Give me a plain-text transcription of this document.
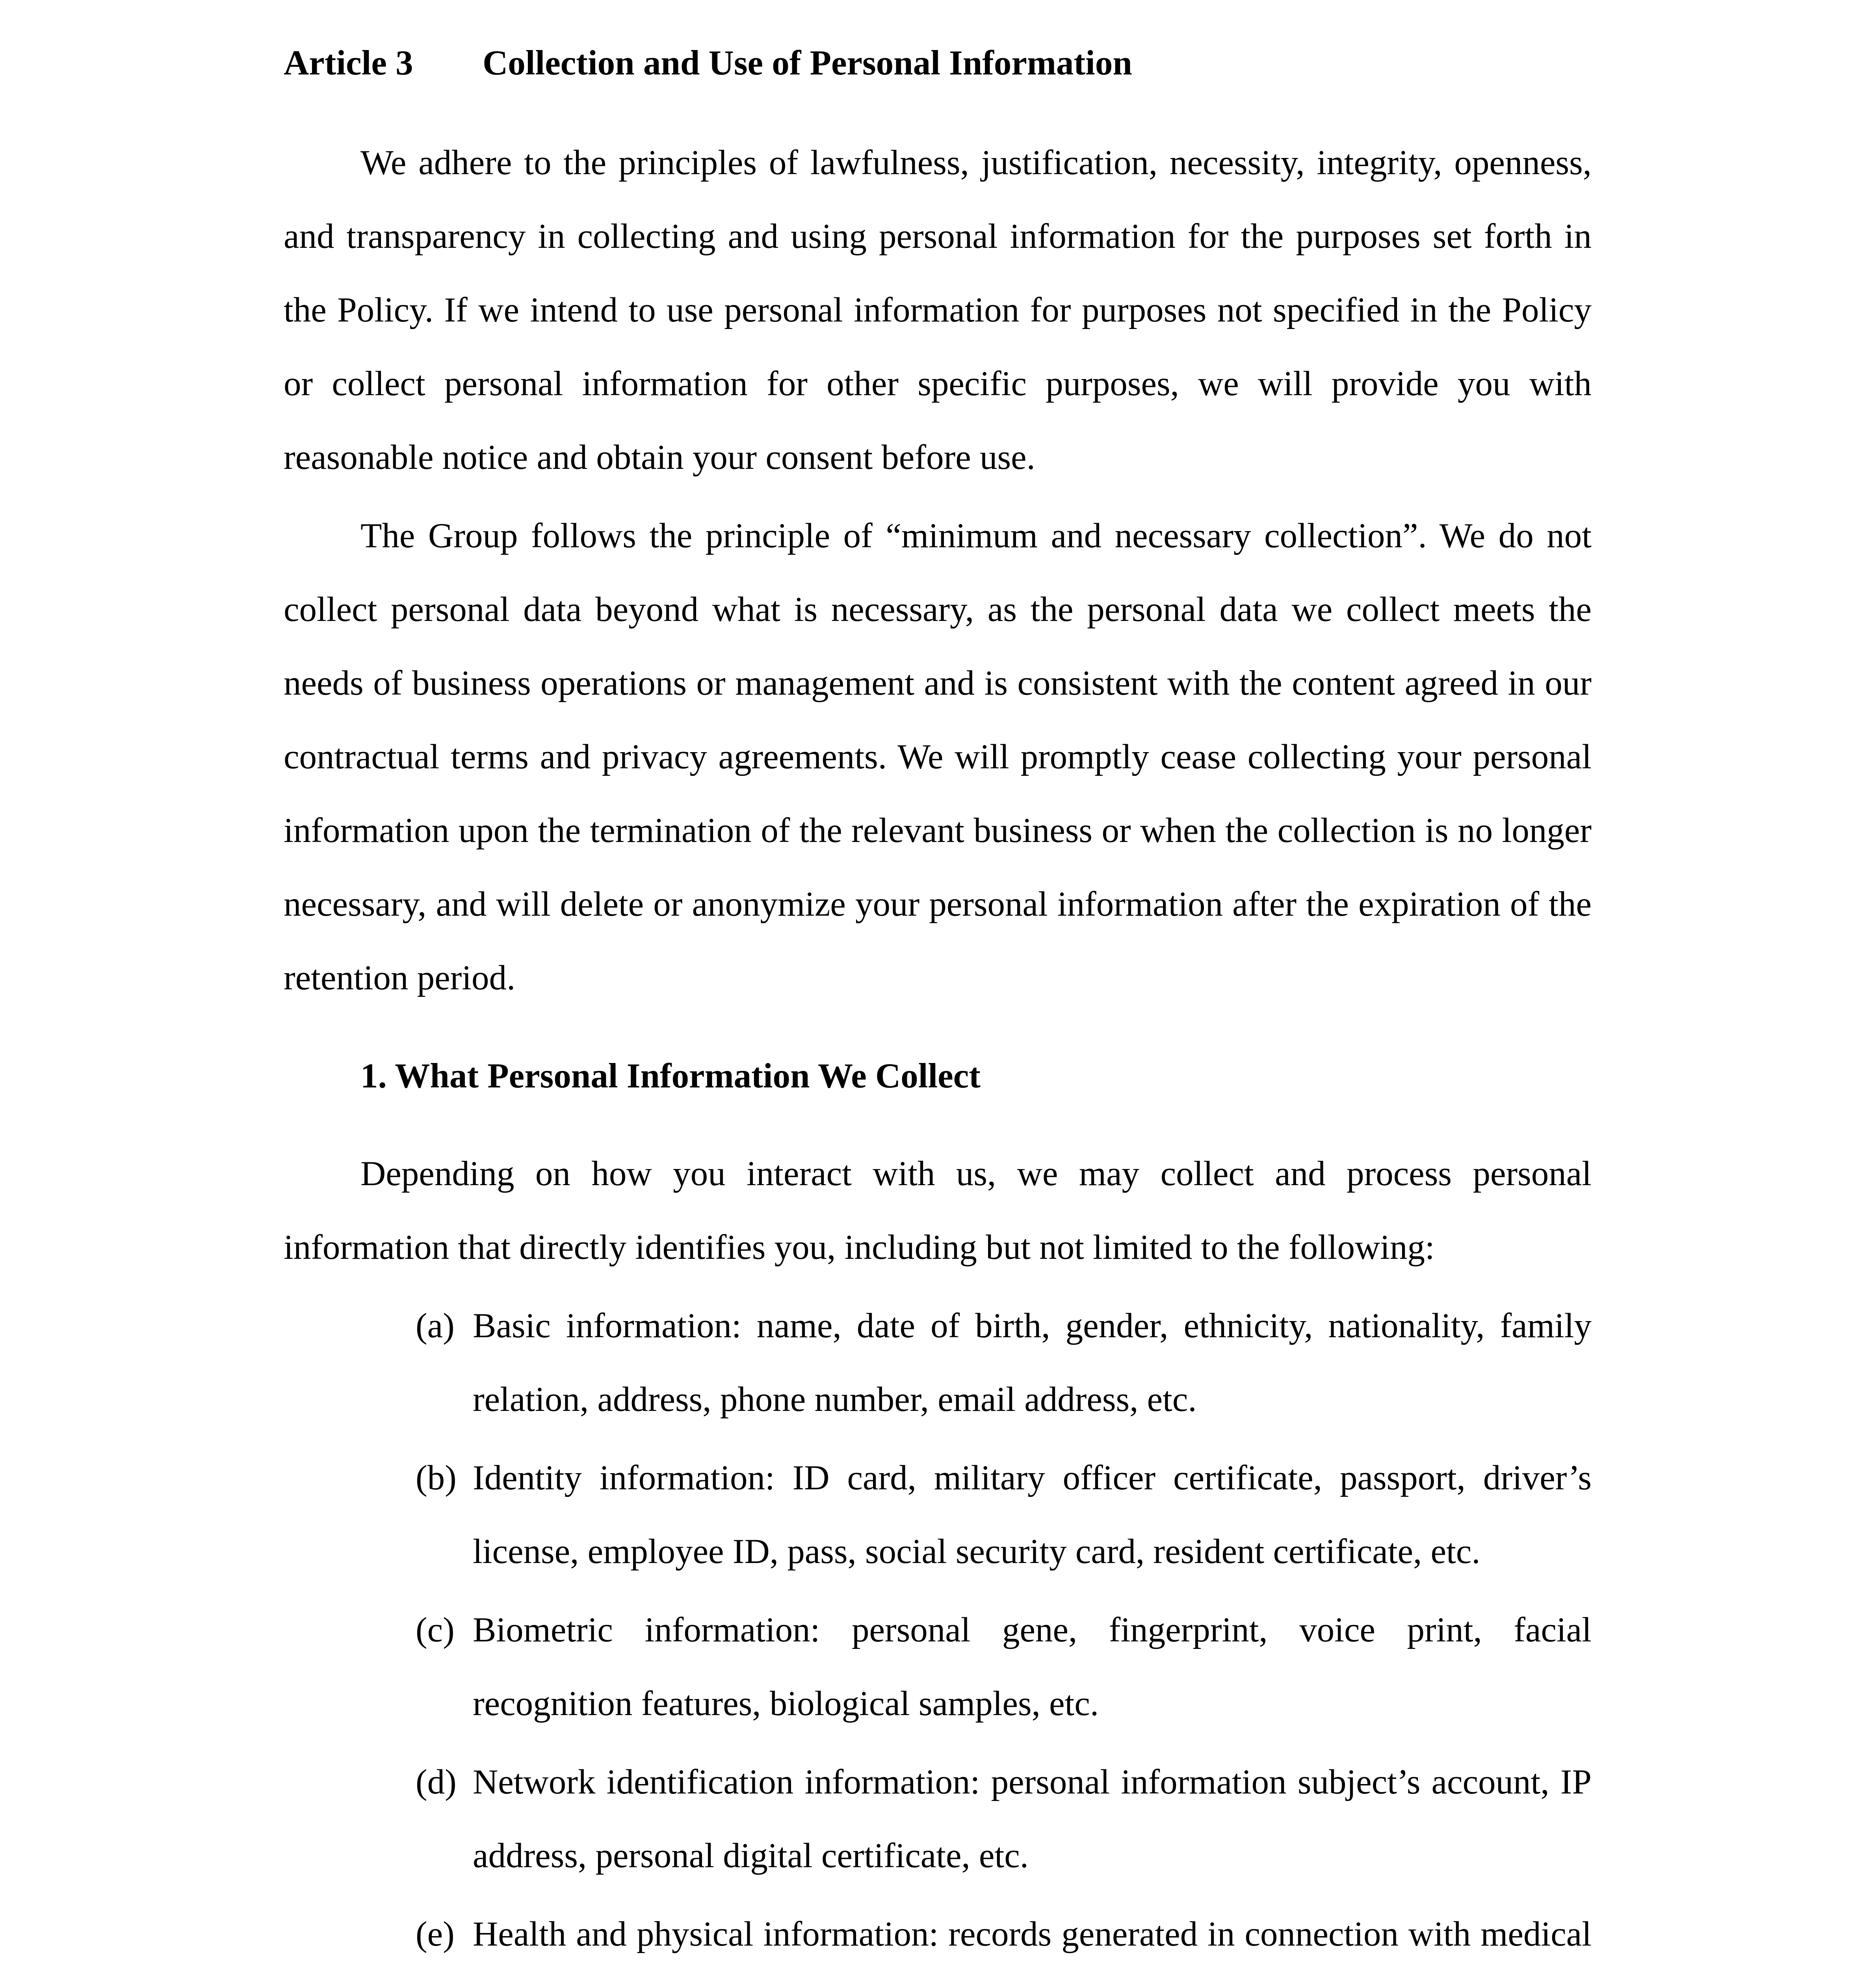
Article 3 Collection and Use of Personal Information

We adhere to the principles of lawfulness, justification, necessity, integrity, openness, and transparency in collecting and using personal information for the purposes set forth in the Policy. If we intend to use personal information for purposes not specified in the Policy or collect personal information for other specific purposes, we will provide you with reasonable notice and obtain your consent before use.

The Group follows the principle of “minimum and necessary collection”. We do not collect personal data beyond what is necessary, as the personal data we collect meets the needs of business operations or management and is consistent with the content agreed in our contractual terms and privacy agreements. We will promptly cease collecting your personal information upon the termination of the relevant business or when the collection is no longer necessary, and will delete or anonymize your personal information after the expiration of the retention period.

1. What Personal Information We Collect

Depending on how you interact with us, we may collect and process personal information that directly identifies you, including but not limited to the following:

(a) Basic information: name, date of birth, gender, ethnicity, nationality, family relation, address, phone number, email address, etc.
(b) Identity information: ID card, military officer certificate, passport, driver’s license, employee ID, pass, social security card, resident certificate, etc.
(c) Biometric information: personal gene, fingerprint, voice print, facial recognition features, biological samples, etc.
(d) Network identification information: personal information subject’s account, IP address, personal digital certificate, etc.
(e) Health and physical information: records generated in connection with medical
